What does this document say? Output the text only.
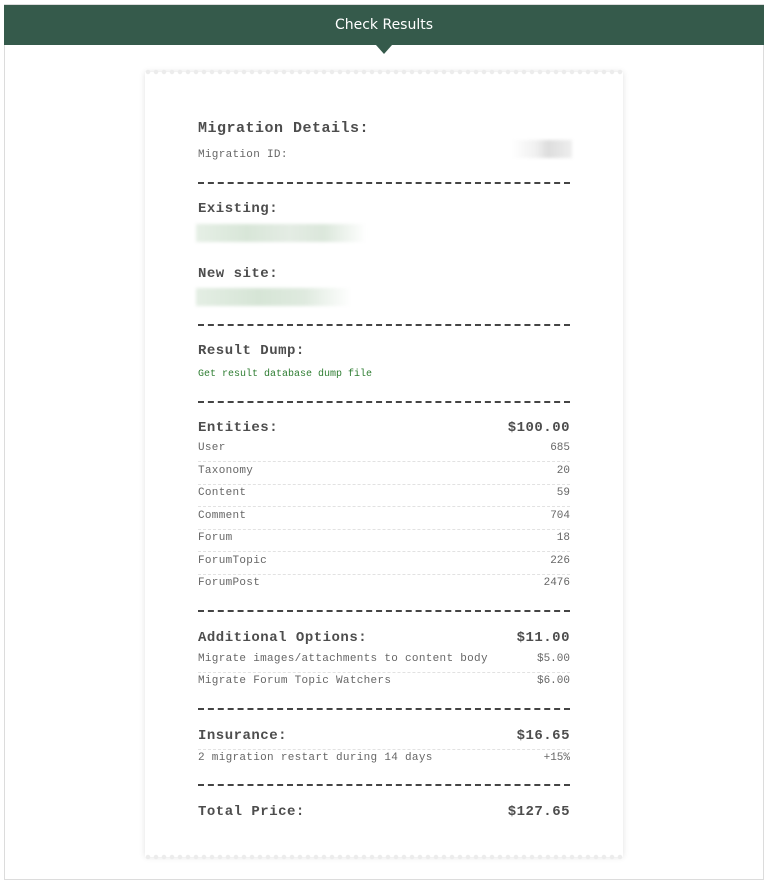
Check Results
Migration Details:
Migration ID:
Existing:
New site:
Result Dump:
Get result database dump file
Entities:	$100.00
User	685
Taxonomy	20
Content	59
Comment	704
Forum	18
ForumTopic	226
ForumPost	2476
Additional Options:	$11.00
Migrate images/attachments to content body	$5.00
Migrate Forum Topic Watchers	$6.00
Insurance:	$16.65
2 migration restart during 14 days	+15%
Total Price:	$127.65
